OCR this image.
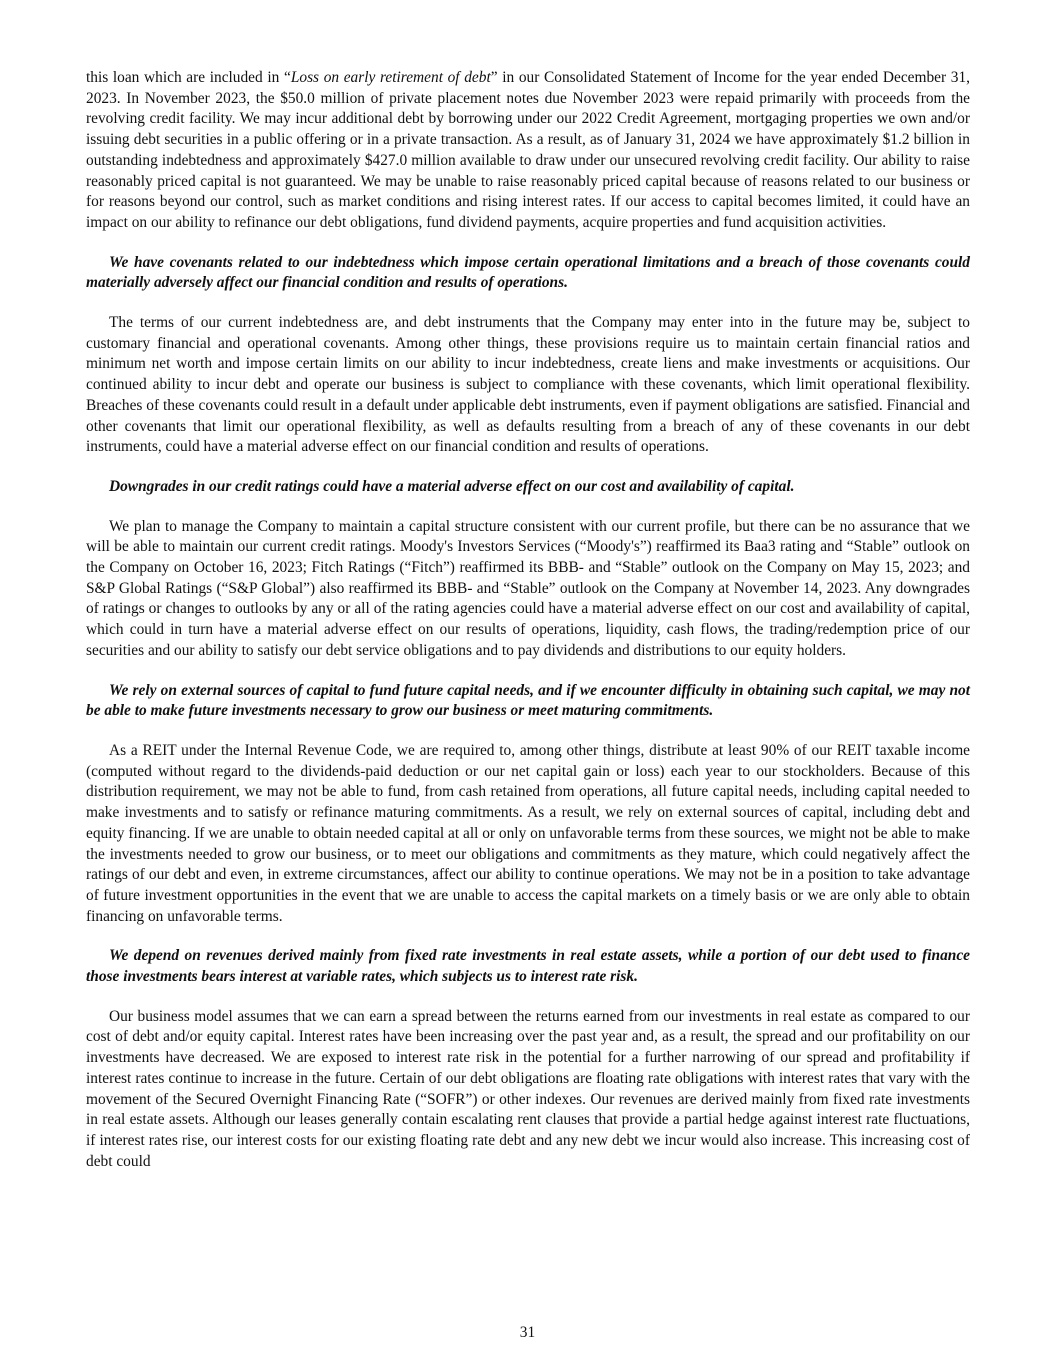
this loan which are included in “Loss on early retirement of debt” in our Consolidated Statement of Income for the year ended December 31, 2023. In November 2023, the $50.0 million of private placement notes due November 2023 were repaid primarily with proceeds from the revolving credit facility. We may incur additional debt by borrowing under our 2022 Credit Agreement, mortgaging properties we own and/or issuing debt securities in a public offering or in a private transaction. As a result, as of January 31, 2024 we have approximately $1.2 billion in outstanding indebtedness and approximately $427.0 million available to draw under our unsecured revolving credit facility. Our ability to raise reasonably priced capital is not guaranteed. We may be unable to raise reasonably priced capital because of reasons related to our business or for reasons beyond our control, such as market conditions and rising interest rates. If our access to capital becomes limited, it could have an impact on our ability to refinance our debt obligations, fund dividend payments, acquire properties and fund acquisition activities.

We have covenants related to our indebtedness which impose certain operational limitations and a breach of those covenants could materially adversely affect our financial condition and results of operations.

The terms of our current indebtedness are, and debt instruments that the Company may enter into in the future may be, subject to customary financial and operational covenants. Among other things, these provisions require us to maintain certain financial ratios and minimum net worth and impose certain limits on our ability to incur indebtedness, create liens and make investments or acquisitions. Our continued ability to incur debt and operate our business is subject to compliance with these covenants, which limit operational flexibility. Breaches of these covenants could result in a default under applicable debt instruments, even if payment obligations are satisfied. Financial and other covenants that limit our operational flexibility, as well as defaults resulting from a breach of any of these covenants in our debt instruments, could have a material adverse effect on our financial condition and results of operations.

Downgrades in our credit ratings could have a material adverse effect on our cost and availability of capital.

We plan to manage the Company to maintain a capital structure consistent with our current profile, but there can be no assurance that we will be able to maintain our current credit ratings. Moody's Investors Services (“Moody's”) reaffirmed its Baa3 rating and “Stable” outlook on the Company on October 16, 2023; Fitch Ratings (“Fitch”) reaffirmed its BBB- and “Stable” outlook on the Company on May 15, 2023; and S&P Global Ratings (“S&P Global”) also reaffirmed its BBB- and “Stable” outlook on the Company at November 14, 2023. Any downgrades of ratings or changes to outlooks by any or all of the rating agencies could have a material adverse effect on our cost and availability of capital, which could in turn have a material adverse effect on our results of operations, liquidity, cash flows, the trading/redemption price of our securities and our ability to satisfy our debt service obligations and to pay dividends and distributions to our equity holders.

We rely on external sources of capital to fund future capital needs, and if we encounter difficulty in obtaining such capital, we may not be able to make future investments necessary to grow our business or meet maturing commitments.

As a REIT under the Internal Revenue Code, we are required to, among other things, distribute at least 90% of our REIT taxable income (computed without regard to the dividends-paid deduction or our net capital gain or loss) each year to our stockholders. Because of this distribution requirement, we may not be able to fund, from cash retained from operations, all future capital needs, including capital needed to make investments and to satisfy or refinance maturing commitments. As a result, we rely on external sources of capital, including debt and equity financing. If we are unable to obtain needed capital at all or only on unfavorable terms from these sources, we might not be able to make the investments needed to grow our business, or to meet our obligations and commitments as they mature, which could negatively affect the ratings of our debt and even, in extreme circumstances, affect our ability to continue operations. We may not be in a position to take advantage of future investment opportunities in the event that we are unable to access the capital markets on a timely basis or we are only able to obtain financing on unfavorable terms.

We depend on revenues derived mainly from fixed rate investments in real estate assets, while a portion of our debt used to finance those investments bears interest at variable rates, which subjects us to interest rate risk.

Our business model assumes that we can earn a spread between the returns earned from our investments in real estate as compared to our cost of debt and/or equity capital. Interest rates have been increasing over the past year and, as a result, the spread and our profitability on our investments have decreased. We are exposed to interest rate risk in the potential for a further narrowing of our spread and profitability if interest rates continue to increase in the future. Certain of our debt obligations are floating rate obligations with interest rates that vary with the movement of the Secured Overnight Financing Rate (“SOFR”) or other indexes. Our revenues are derived mainly from fixed rate investments in real estate assets. Although our leases generally contain escalating rent clauses that provide a partial hedge against interest rate fluctuations, if interest rates rise, our interest costs for our existing floating rate debt and any new debt we incur would also increase. This increasing cost of debt could

31
